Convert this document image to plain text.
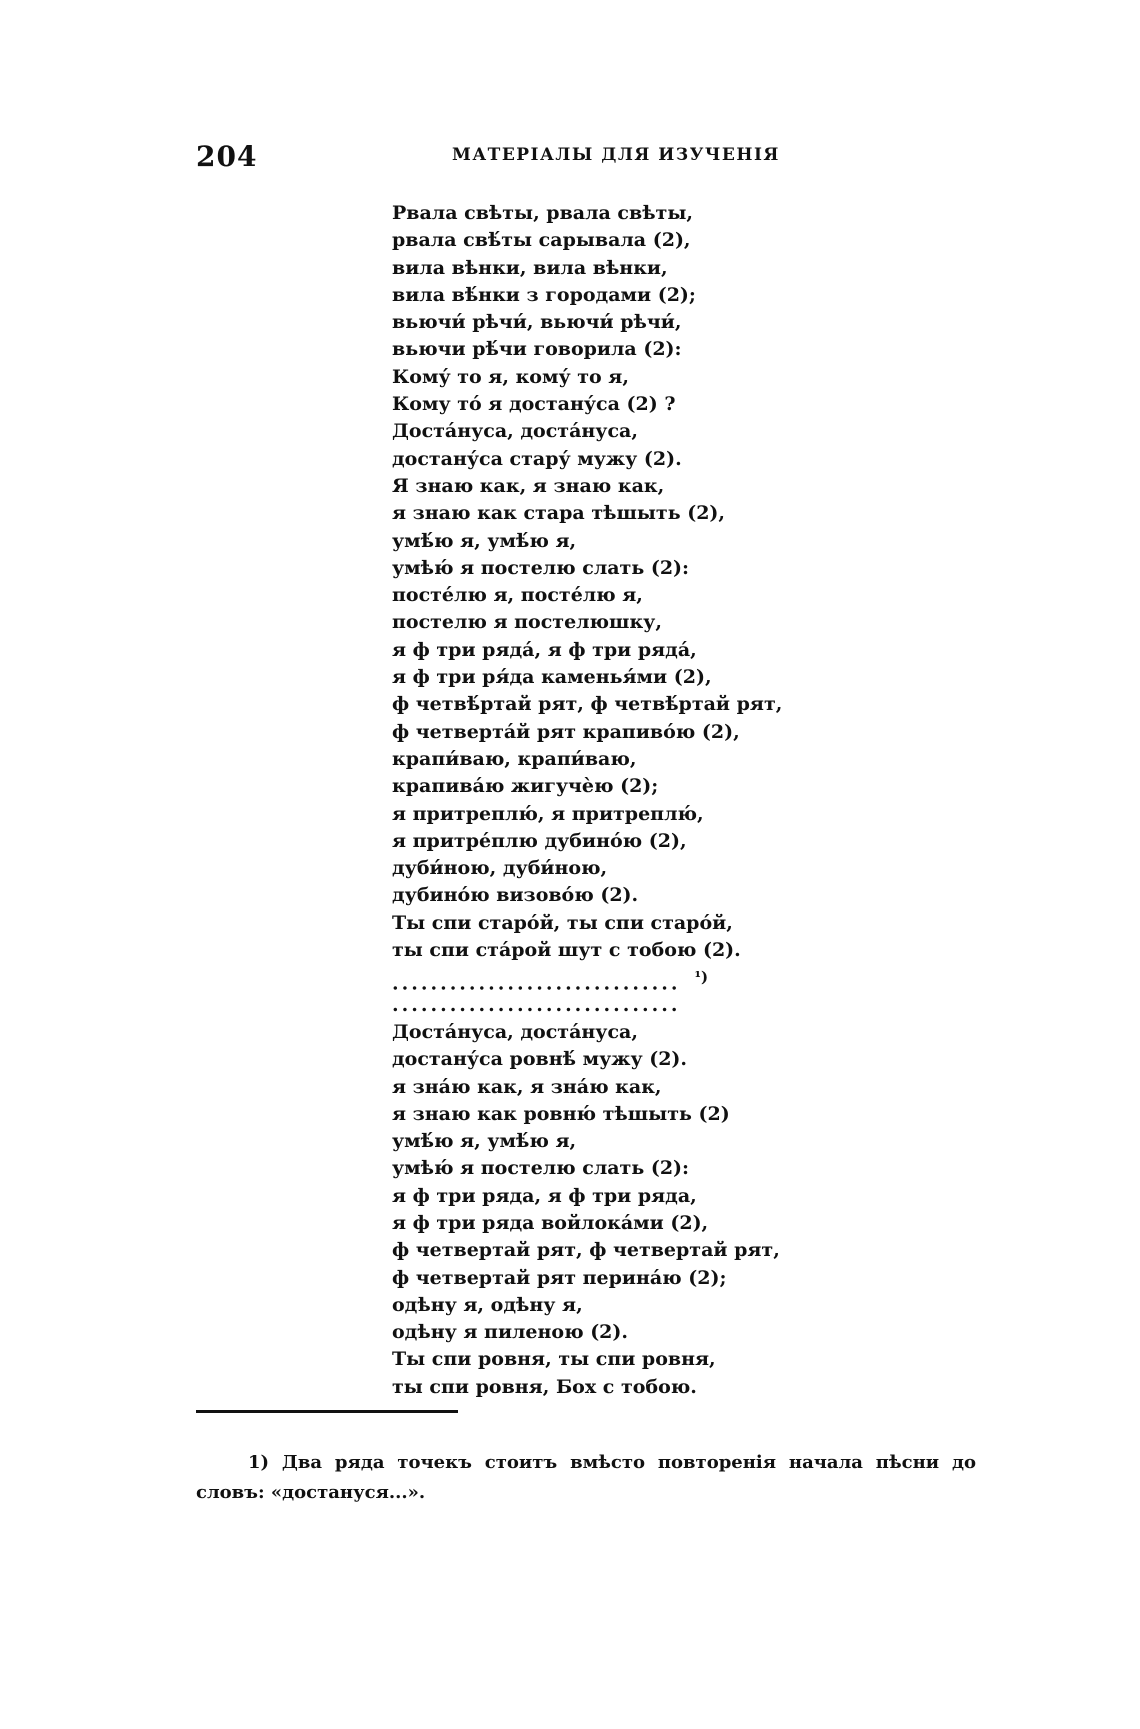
204	МАТЕРІАЛЫ ДЛЯ ИЗУЧЕНІЯ
Рвала свѣты, рвала свѣты,
рвала свѣ́ты сарывала (2),
вила вѣнки, вила вѣнки,
вила вѣ́нки з городами (2);
вьючи́ рѣчи́, вьючи́ рѣчи́,
вьючи рѣ́чи говорила (2):
Кому́ то я, кому́ то я,
Кому то́ я достану́са (2) ?
Доста́нуса, доста́нуса,
достану́са стару́ мужу (2).
Я знаю как, я знаю как,
я знаю как стара тѣшыть (2),
умѣ́ю я, умѣ́ю я,
умѣю́ я постелю слать (2):
посте́лю я, посте́лю я,
постелю я постелюшку,
я ф три ряда́, я ф три ряда́,
я ф три ря́да каменья́ми (2),
ф четвѣ́ртай рят, ф четвѣ́ртай рят,
ф четверта́й рят крапиво́ю (2),
крапи́ваю, крапи́ваю,
крапива́ю жигучѐю (2);
я притреплю́, я притреплю́,
я притре́плю дубино́ю (2),
дуби́ною, дуби́ною,
дубино́ю визово́ю (2).
Ты спи старо́й, ты спи старо́й,
ты спи ста́рой шут с тобою (2).
.............................. $^{^1)}$
..............................
Доста́нуса, доста́нуса,
достану́са ровнѣ́ мужу (2).
я зна́ю как, я зна́ю как,
я знаю как ровню́ тѣшыть (2)
умѣ́ю я, умѣ́ю я,
умѣю́ я постелю слать (2):
я ф три ряда, я ф три ряда,
я ф три ряда войлока́ми (2),
ф четвертай рят, ф четвертай рят,
ф четвертай рят перина́ю (2);
одѣну я, одѣну я,
одѣну я пиленою (2).
Ты спи ровня, ты спи ровня,
ты спи ровня, Бох с тобою.

1) Два ряда точекъ стоитъ вмѣсто повторенія начала пѣсни до словъ: «достануся...».
